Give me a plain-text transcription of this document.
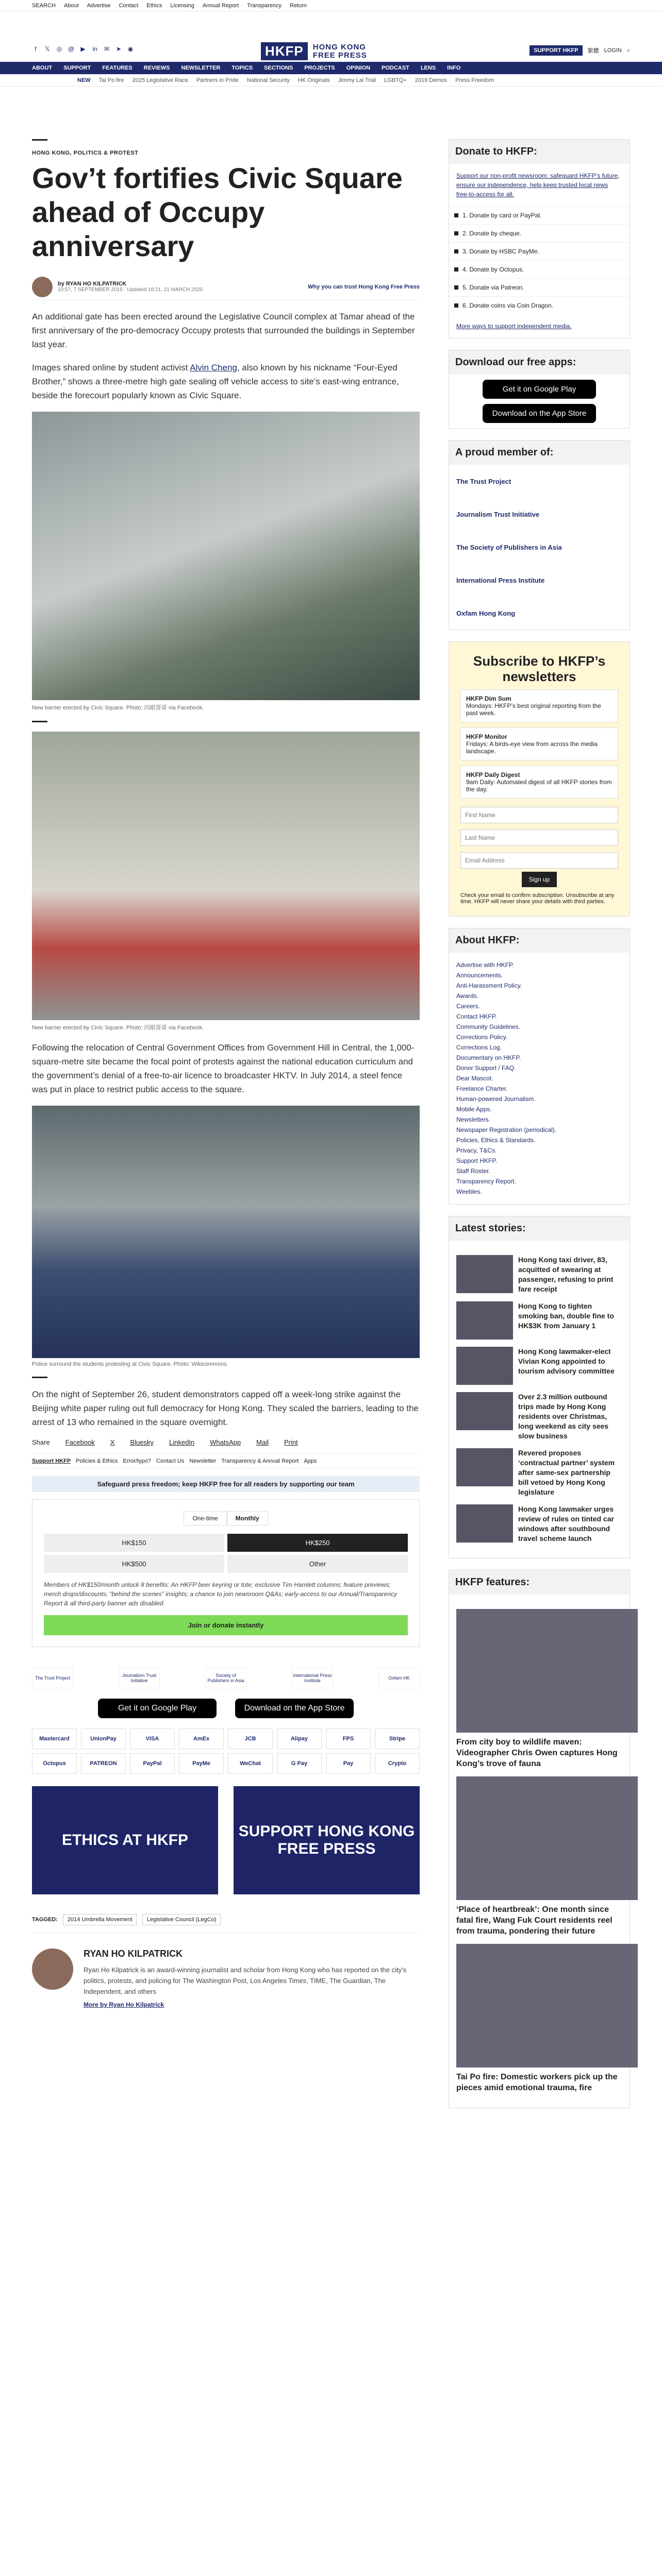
SEARCH About Advertise Contact Ethics Licensing Annual Report Transparency Return
f	𝕏 ◎ @ ▶ in ✉ ➤ ◉	HKFP	HONG KONG
FREE PRESS
SUPPORT HKFP	繁體 LOGIN ⌕
ABOUT SUPPORT FEATURES REVIEWS NEWSLETTER TOPICS SECTIONS PROJECTS OPINION PODCAST LENS INFO
NEW Tai Po fire 2025 Legislative Race Partners in Pride National Security HK Originals Jimmy Lai Trial LGBTQ+ 2019 Demos Press Freedom
HONG KONG, POLITICS & PROTEST
Gov’t fortifies Civic Square ahead of Occupy anniversary
by RYAN HO KILPATRICK
10:57, 7 SEPTEMBER 2015 · Updated 18:21, 21 MARCH 2020	Why you can trust Hong Kong Free Press

An additional gate has been erected around the Legislative Council complex at Tamar ahead of the first anniversary of the pro-democracy Occupy protests that surrounded the buildings in September last year.

Images shared online by student activist Alvin Cheng, also known by his nickname “Four-Eyed Brother,” shows a three-metre high gate sealing off vehicle access to site’s east-wing entrance, beside the forecourt popularly known as Civic Square.

New barrier erected by Civic Square. Photo: 四眼哥哥 via Facebook.
New barrier erected by Civic Square. Photo: 四眼哥哥 via Facebook.

Following the relocation of Central Government Offices from Government Hill in Central, the 1,000-square-metre site became the focal point of protests against the national education curriculum and the government’s denial of a free-to-air licence to broadcaster HKTV. In July 2014, a steel fence was put in place to restrict public access to the square.

Police surround the students protesting at Civic Square. Photo: Wikicommons.

On the night of September 26, student demonstrators capped off a week-long strike against the Beijing white paper ruling out full democracy for Hong Kong. They scaled the barriers, leading to the arrest of 13 who remained in the square overnight.

Share Facebook X Bluesky LinkedIn WhatsApp Mail Print
Support HKFP Policies & Ethics Error/typo? Contact Us Newsletter Transparency & Annual Report Apps
Safeguard press freedom; keep HKFP free for all readers by supporting our team
One-time	Monthly
HK$150	HK$250
HK$500	Other

Members of HK$150/month unlock 8 benefits: An HKFP beer keyring or tote; exclusive Tim Hamlett columns; feature previews; merch drops/discounts; “behind the scenes” insights; a chance to join newsroom Q&As; early-access to our Annual/Transparency Report & all third-party banner ads disabled.

Join or donate instantly
The Trust Project	Journalism Trust Initiative
Society of Publishers in Asia
International Press Institute	Oxfam HK
Get it on Google Play	Download on the App Store
Mastercard	UnionPay	VISA	AmEx	JCB	Alipay	FPS	Stripe
Octopus	PATREON	PayPal	PayMe	WeChat	G Pay	Pay	Crypto
ETHICS AT HKFP
SUPPORT HONG KONG FREE PRESS
TAGGED:	2014 Umbrella Movement	Legislative Council (LegCo)
RYAN HO KILPATRICK

Ryan Ho Kilpatrick is an award-winning journalist and scholar from Hong Kong who has reported on the city’s politics, protests, and policing for The Washington Post, Los Angeles Times, TIME, The Guardian, The Independent, and others

More by Ryan Ho Kilpatrick
Donate to HKFP:

Support our non-profit newsroom: safeguard HKFP’s future, ensure our independence, help keep trusted local news free-to-access for all.

1. Donate by card or PayPal.
2. Donate by cheque.
3. Donate by HSBC PayMe.
4. Donate by Octopus.
5. Donate via Patreon.
6. Donate coins via Coin Dragon.
More ways to support independent media.
Download our free apps:
Get it on Google Play
Download on the App Store
A proud member of:
The Trust Project
Journalism Trust Initiative
The Society of Publishers in Asia
International Press Institute
Oxfam Hong Kong
Subscribe to HKFP’s newsletters
HKFP Dim Sum
Mondays: HKFP’s best original reporting from the past week.
HKFP Monitor
Fridays: A birds-eye view from across the media landscape.
HKFP Daily Digest
9am Daily: Automated digest of all HKFP stories from the day.
First Name Last Name Email Address Sign up

Check your email to confirm subscription. Unsubscribe at any time. HKFP will never share your details with third parties.

About HKFP:
Advertise with HKFP.
Announcements.
Anti-Harassment Policy.
Awards.
Careers.
Contact HKFP.
Community Guidelines.
Corrections Policy.
Corrections Log.
Documentary on HKFP.
Donor Support / FAQ.
Dear Mascot.
Freelance Charter.
Human-powered Journalism.
Mobile Apps.
Newsletters.
Newspaper Registration (periodical).
Policies, Ethics & Standards.
Privacy, T&Cs.
Support HKFP.
Staff Roster.
Transparency Report.
Weebles.
Latest stories:
Hong Kong taxi driver, 83, acquitted of swearing at passenger, refusing to print fare receipt
Hong Kong to tighten smoking ban, double fine to HK$3K from January 1
Hong Kong lawmaker-elect Vivian Kong appointed to tourism advisory committee
Over 2.3 million outbound trips made by Hong Kong residents over Christmas, long weekend as city sees slow business
Revered proposes ‘contractual partner’ system after same-sex partnership bill vetoed by Hong Kong legislature
Hong Kong lawmaker urges review of rules on tinted car windows after southbound travel scheme launch
HKFP features:
From city boy to wildlife maven: Videographer Chris Owen captures Hong Kong’s trove of fauna
‘Place of heartbreak’: One month since fatal fire, Wang Fuk Court residents reel from trauma, pondering their future
Tai Po fire: Domestic workers pick up the pieces amid emotional trauma, fire
